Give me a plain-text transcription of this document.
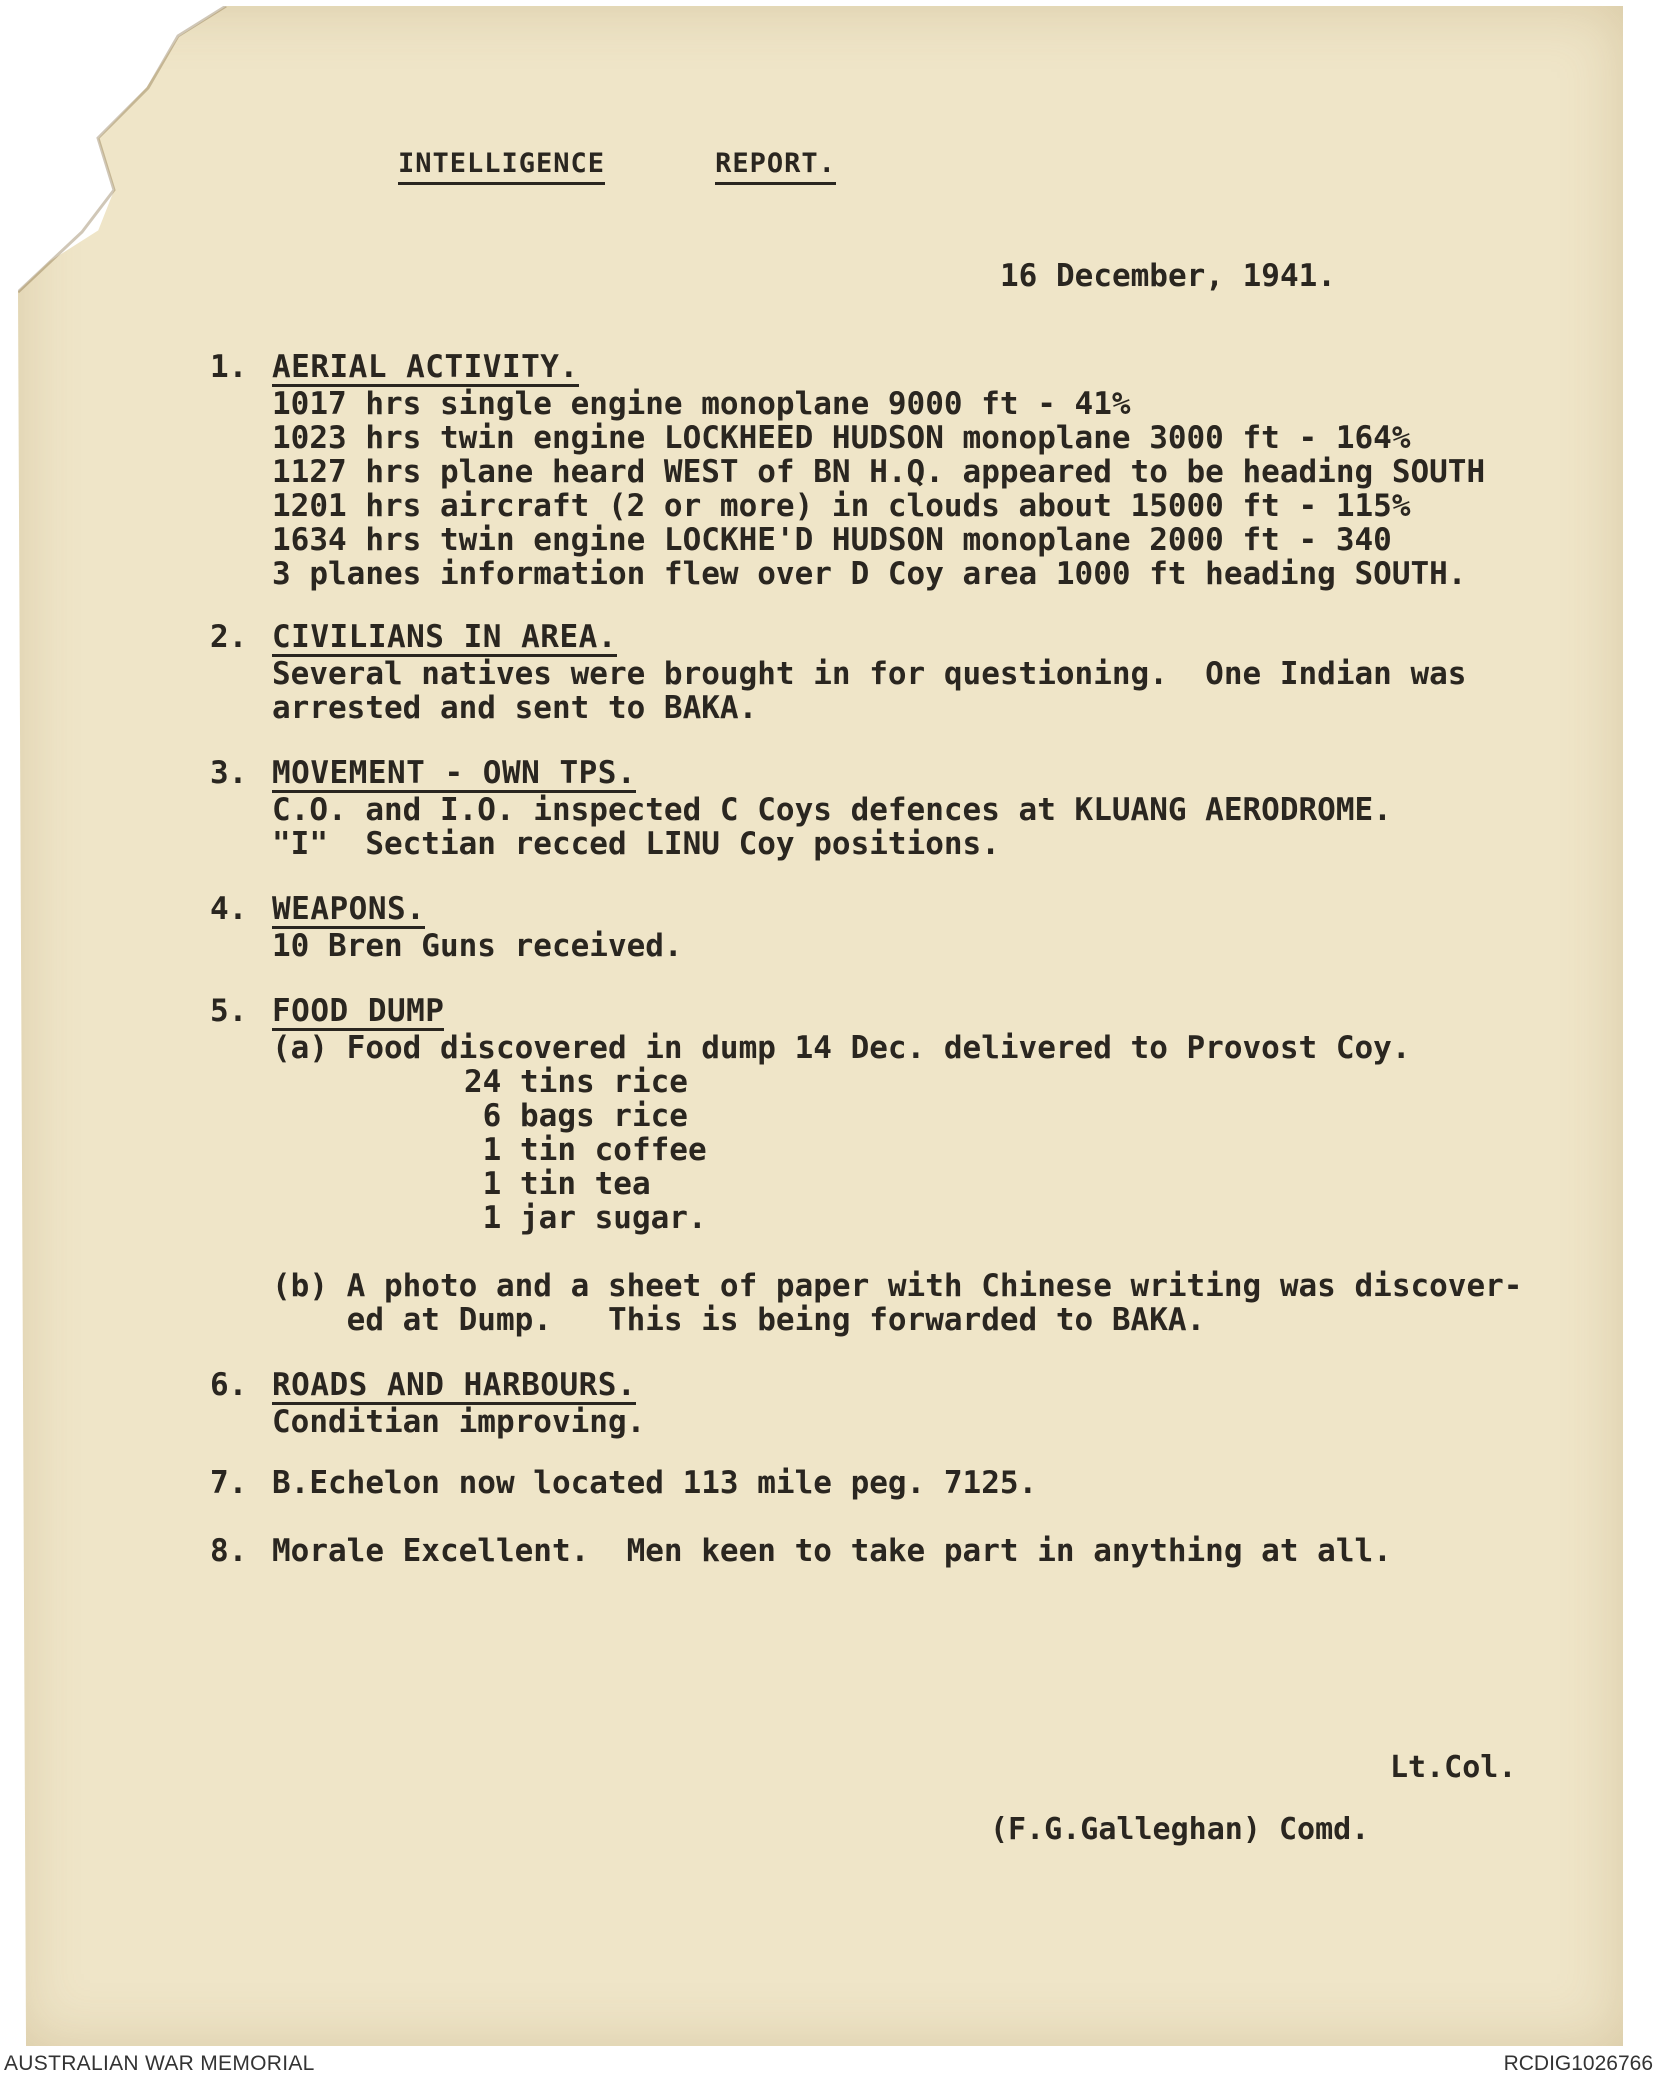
INTELLIGENCE	REPORT.
16 December, 1941.
1. AERIAL ACTIVITY.
1017 hrs single engine monoplane 9000 ft - 41%
1023 hrs twin engine LOCKHEED HUDSON monoplane 3000 ft - 164%
1127 hrs plane heard WEST of BN H.Q. appeared to be heading SOUTH
1201 hrs aircraft (2 or more) in clouds about 15000 ft - 115%
1634 hrs twin engine LOCKHE'D HUDSON monoplane 2000 ft - 340
3 planes information flew over D Coy area 1000 ft heading SOUTH.
2. CIVILIANS IN AREA.
Several natives were brought in for questioning.  One Indian was
arrested and sent to BAKA.
3. MOVEMENT - OWN TPS.
C.O. and I.O. inspected C Coys defences at KLUANG AERODROME.
"I"  Sectian recced LINU Coy positions.
4. WEAPONS.
10 Bren Guns received.
5. FOOD DUMP
(a) Food discovered in dump 14 Dec. delivered to Provost Coy.
24 tins rice
6 bags rice
1 tin coffee
1 tin tea
1 jar sugar.
(b) A photo and a sheet of paper with Chinese writing was discover-
ed at Dump.   This is being forwarded to BAKA.
6. ROADS AND HARBOURS.
Conditian improving.
7. B.Echelon now located 113 mile peg. 7125.
8. Morale Excellent.  Men keen to take part in anything at all.
Lt.Col.
(F.G.Galleghan) Comd.
AUSTRALIAN WAR MEMORIAL	RCDIG1026766
